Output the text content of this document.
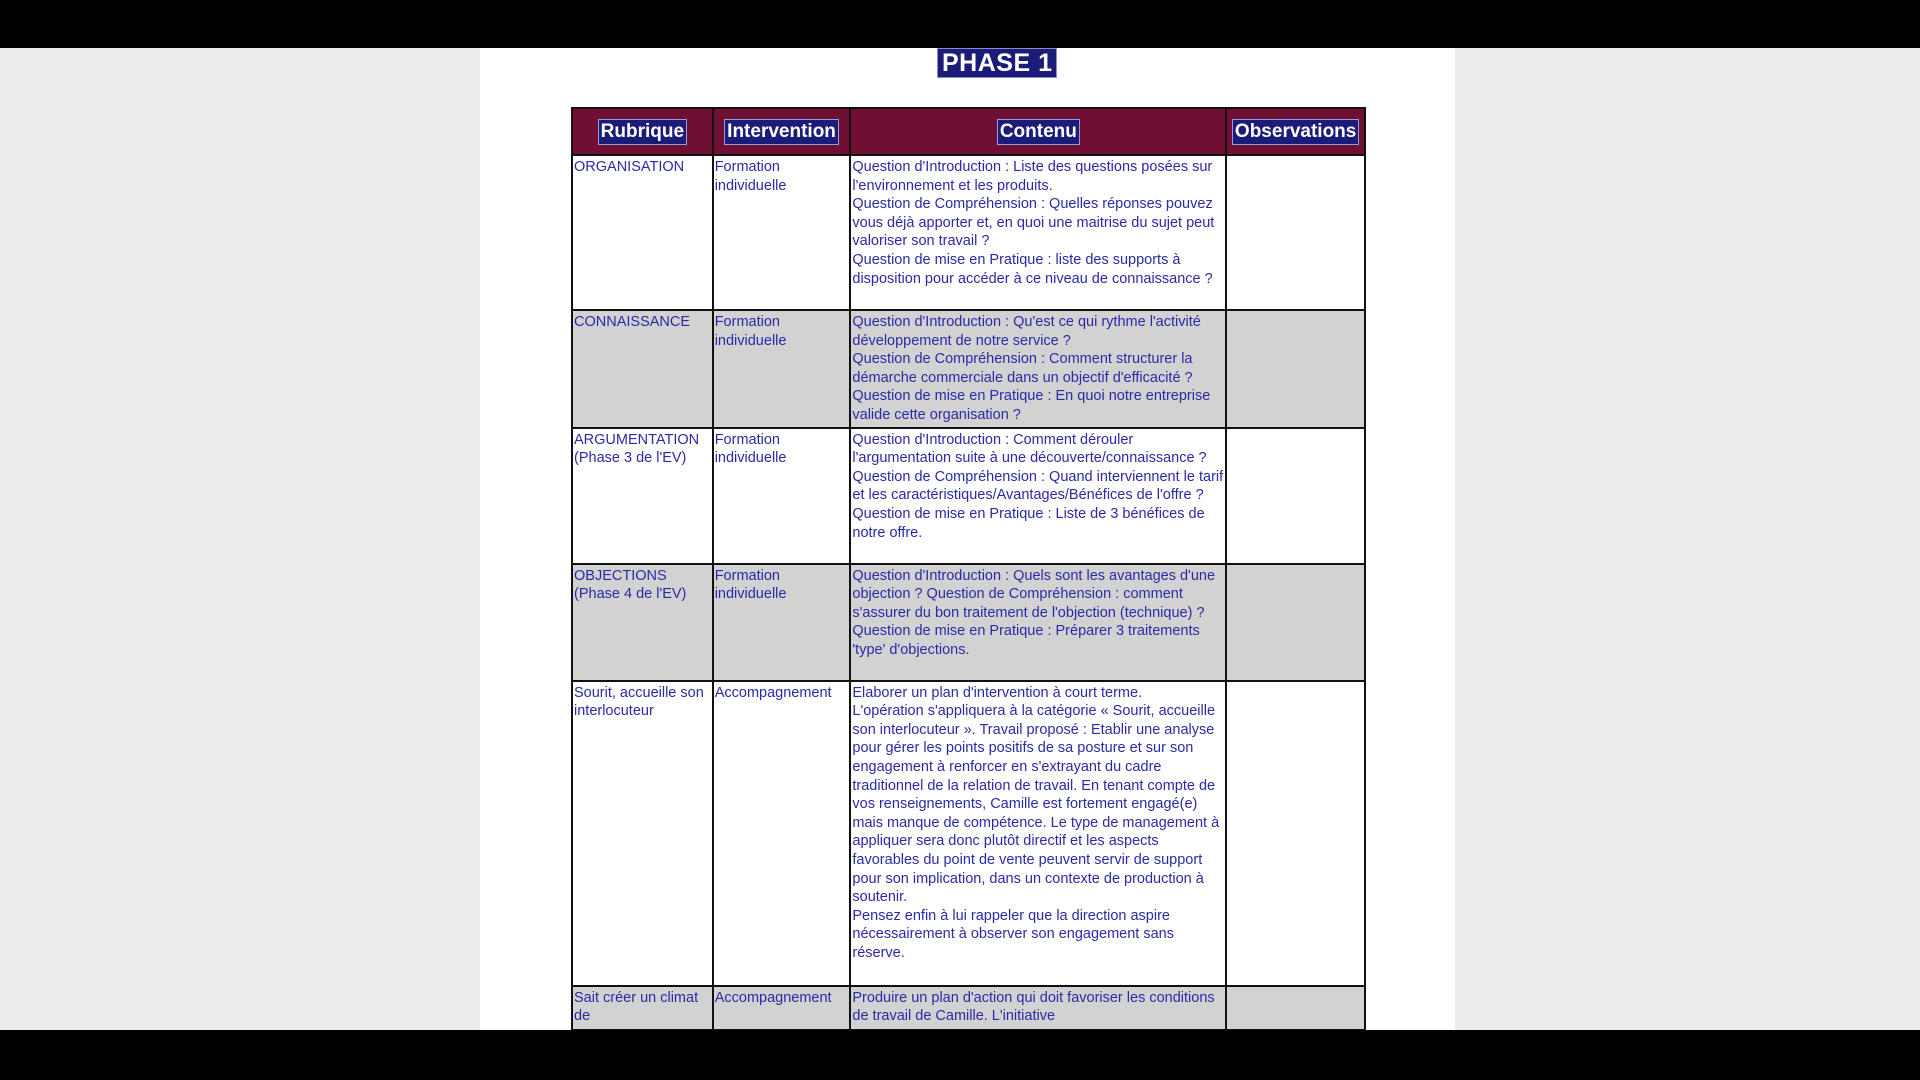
PHASE 1
Rubrique	Intervention	Contenu	Observations
ORGANISATION	Formation individuelle	Question d'Introduction : Liste des questions posées sur l'environnement et les produits.

Question de Compréhension : Quelles réponses pouvez vous déjà apporter et, en quoi une maitrise du sujet peut valoriser son travail ?

Question de mise en Pratique : liste des supports à disposition pour accéder à ce niveau de connaissance ?	

CONNAISSANCE	Formation individuelle	Question d'Introduction : Qu'est ce qui rythme l'activité développement de notre service ?

Question de Compréhension : Comment structurer la démarche commerciale dans un objectif d'efficacité ? Question de mise en Pratique : En quoi notre entreprise valide cette organisation ?	

ARGUMENTATION (Phase 3 de l'EV)	Formation individuelle	Question d'Introduction : Comment dérouler l'argumentation suite à une découverte/connaissance ? Question de Compréhension : Quand interviennent le tarif et les caractéristiques/Avantages/Bénéfices de l'offre ? Question de mise en Pratique : Liste de 3 bénéfices de notre offre.	

OBJECTIONS (Phase 4 de l'EV)	Formation individuelle	Question d'Introduction : Quels sont les avantages d'une objection ? Question de Compréhension : comment s'assurer du bon traitement de l'objection (technique) ? Question de mise en Pratique : Préparer 3 traitements 'type' d'objections.	

Sourit, accueille son interlocuteur	Accompagnement	Elaborer un plan d'intervention à court terme.

L'opération s'appliquera à la catégorie « Sourit, accueille son interlocuteur ». Travail proposé : Etablir une analyse pour gérer les points positifs de sa posture et sur son engagement à renforcer en s'extrayant du cadre traditionnel de la relation de travail. En tenant compte de vos renseignements, Camille est fortement engagé(e) mais manque de compétence. Le type de management à appliquer sera donc plutôt directif et les aspects favorables du point de vente peuvent servir de support pour son implication, dans un contexte de production à soutenir.

Pensez enfin à lui rappeler que la direction aspire nécessairement à observer son engagement sans réserve.	

Sait créer un climat de	Accompagnement	Produire un plan d'action qui doit favoriser les conditions de travail de Camille. L'initiative	
